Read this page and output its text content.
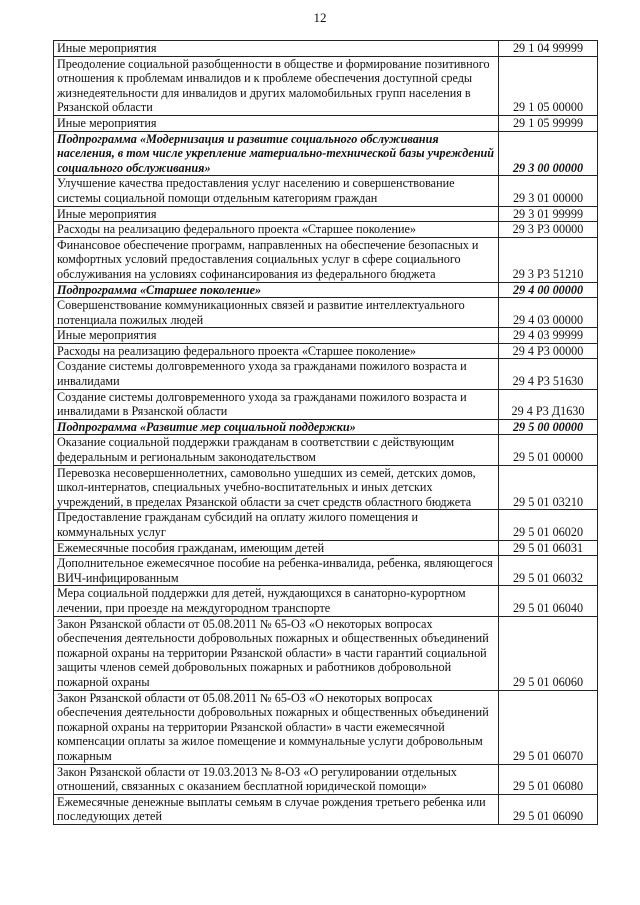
12
Иные мероприятия	29 1 04 99999
Преодоление социальной разобщенности в обществе и формирование позитивного отношения к проблемам инвалидов и к проблеме обеспечения доступной среды жизнедеятельности для инвалидов и других маломобильных групп населения в Рязанской области	29 1 05 00000
Иные мероприятия	29 1 05 99999
Подпрограмма «Модернизация и развитие социального обслуживания населения, в том числе укрепление материально-технической базы учреждений социального обслуживания»	29 3 00 00000
Улучшение качества предоставления услуг населению и совершенствование системы социальной помощи отдельным категориям граждан	29 3 01 00000
Иные мероприятия	29 3 01 99999
Расходы на реализацию федерального проекта «Старшее поколение»	29 3 P3 00000
Финансовое обеспечение программ, направленных на обеспечение безопасных и комфортных условий предоставления социальных услуг в сфере социального обслуживания на условиях софинансирования из федерального бюджета	29 3 P3 51210
Подпрограмма «Старшее поколение»	29 4 00 00000
Совершенствование коммуникационных связей и развитие интеллектуального потенциала пожилых людей	29 4 03 00000
Иные мероприятия	29 4 03 99999
Расходы на реализацию федерального проекта «Старшее поколение»	29 4 P3 00000
Создание системы долговременного ухода за гражданами пожилого возраста и инвалидами	29 4 P3 51630
Создание системы долговременного ухода за гражданами пожилого возраста и инвалидами в Рязанской области	29 4 P3 Д1630
Подпрограмма «Развитие мер социальной поддержки»	29 5 00 00000
Оказание социальной поддержки гражданам в соответствии с действующим федеральным и региональным законодательством	29 5 01 00000
Перевозка несовершеннолетних, самовольно ушедших из семей, детских домов, школ-интернатов, специальных учебно-воспитательных и иных детских учреждений, в пределах Рязанской области за счет средств областного бюджета	29 5 01 03210
Предоставление гражданам субсидий на оплату жилого помещения и коммунальных услуг	29 5 01 06020
Ежемесячные пособия гражданам, имеющим детей	29 5 01 06031
Дополнительное ежемесячное пособие на ребенка-инвалида, ребенка, являющегося ВИЧ-инфицированным	29 5 01 06032
Мера социальной поддержки для детей, нуждающихся в санаторно-курортном лечении, при проезде на междугородном транспорте	29 5 01 06040
Закон Рязанской области от 05.08.2011 № 65-ОЗ «О некоторых вопросах обеспечения деятельности добровольных пожарных и общественных объединений пожарной охраны на территории Рязанской области» в части гарантий социальной защиты членов семей добровольных пожарных и работников добровольной пожарной охраны	29 5 01 06060
Закон Рязанской области от 05.08.2011 № 65-ОЗ «О некоторых вопросах обеспечения деятельности добровольных пожарных и общественных объединений пожарной охраны на территории Рязанской области» в части ежемесячной компенсации оплаты за жилое помещение и коммунальные услуги добровольным пожарным	29 5 01 06070
Закон Рязанской области от 19.03.2013 № 8-ОЗ «О регулировании отдельных отношений, связанных с оказанием бесплатной юридической помощи»	29 5 01 06080
Ежемесячные денежные выплаты семьям в случае рождения третьего ребенка или последующих детей	29 5 01 06090
